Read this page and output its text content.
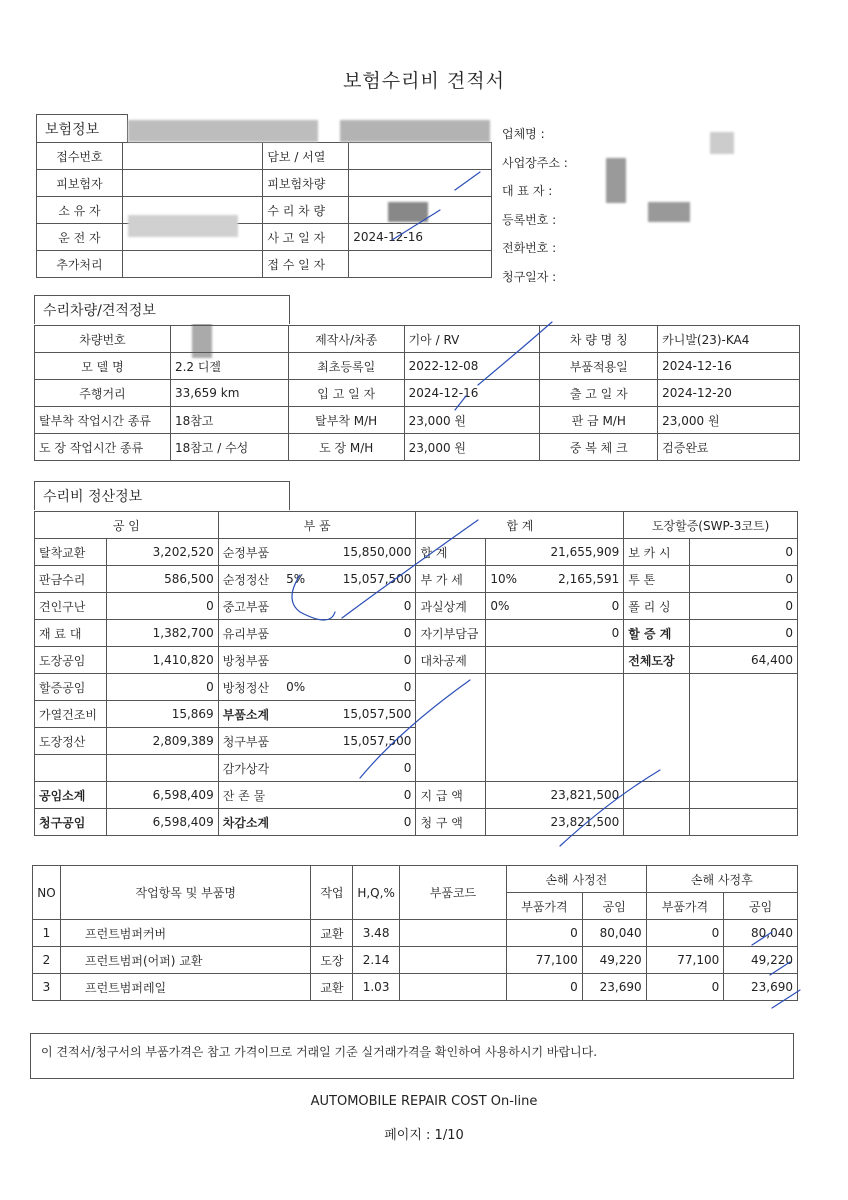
보험수리비 견적서
보험정보
접수번호		담보 / 서열	
피보험자		피보험차량	
소 유 자		수 리 차 량	
운 전 자		사 고 일 자	2024-12-16
추가처리		접 수 일 자	
업체명 :
사업장주소 :
대 표 자 :
등록번호 :
전화번호 :
청구일자 :
수리차량/견적정보
차량번호		제작사/차종	기아 / RV	차 량 명 칭	카니발(23)-KA4
모 델 명	2.2 디젤	최초등록일	2022-12-08	부품적용일	2024-12-16
주행거리	33,659 km	입 고 일 자	2024-12-16	출 고 일 자	2024-12-20
탈부착 작업시간 종류	18참고	탈부착 M/H	23,000 원	판 금 M/H	23,000 원
도 장 작업시간 종류	18참고 / 수성	도 장 M/H	23,000 원	중 복 체 크	검증완료
수리비 정산정보
공 임		부 품			합 계			도장할증(SWP-3코트)	
탈착교환	3,202,520	순정부품		15,850,000	합 계		21,655,909	보 카 시	0
판금수리	586,500	순정정산	5%	15,057,500	부 가 세	10%	2,165,591	투 톤	0
견인구난	0	중고부품		0	과실상계	0%	0	폴 리 싱	0
재 료 대	1,382,700	유리부품		0	자기부담금		0	할 증 계	0
도장공임	1,410,820	방청부품		0	대차공제			전체도장	64,400
할증공임	0	방청정산	0%	0					
가열건조비	15,869	부품소계		15,057,500					
도장정산	2,809,389	청구부품		15,057,500					
		감가상각		0					
공임소계	6,598,409	잔 존 물		0	지 급 액		23,821,500		
청구공임	6,598,409	차감소계		0	청 구 액		23,821,500		
NO	작업항목 및 부품명	작업	H,Q,%	부품코드	손해 사정전		손해 사정후	
					부품가격	공임	부품가격	공임
1	프런트범퍼커버	교환	3.48		0	80,040	0	80,040
2	프런트범퍼(어퍼) 교환	도장	2.14		77,100	49,220	77,100	49,220
3	프런트범퍼레일	교환	1.03		0	23,690	0	23,690
이 견적서/청구서의 부품가격은 참고 가격이므로 거래일 기준 실거래가격을 확인하여 사용하시기 바랍니다.
AUTOMOBILE REPAIR COST On-line
페이지 : 1/10
